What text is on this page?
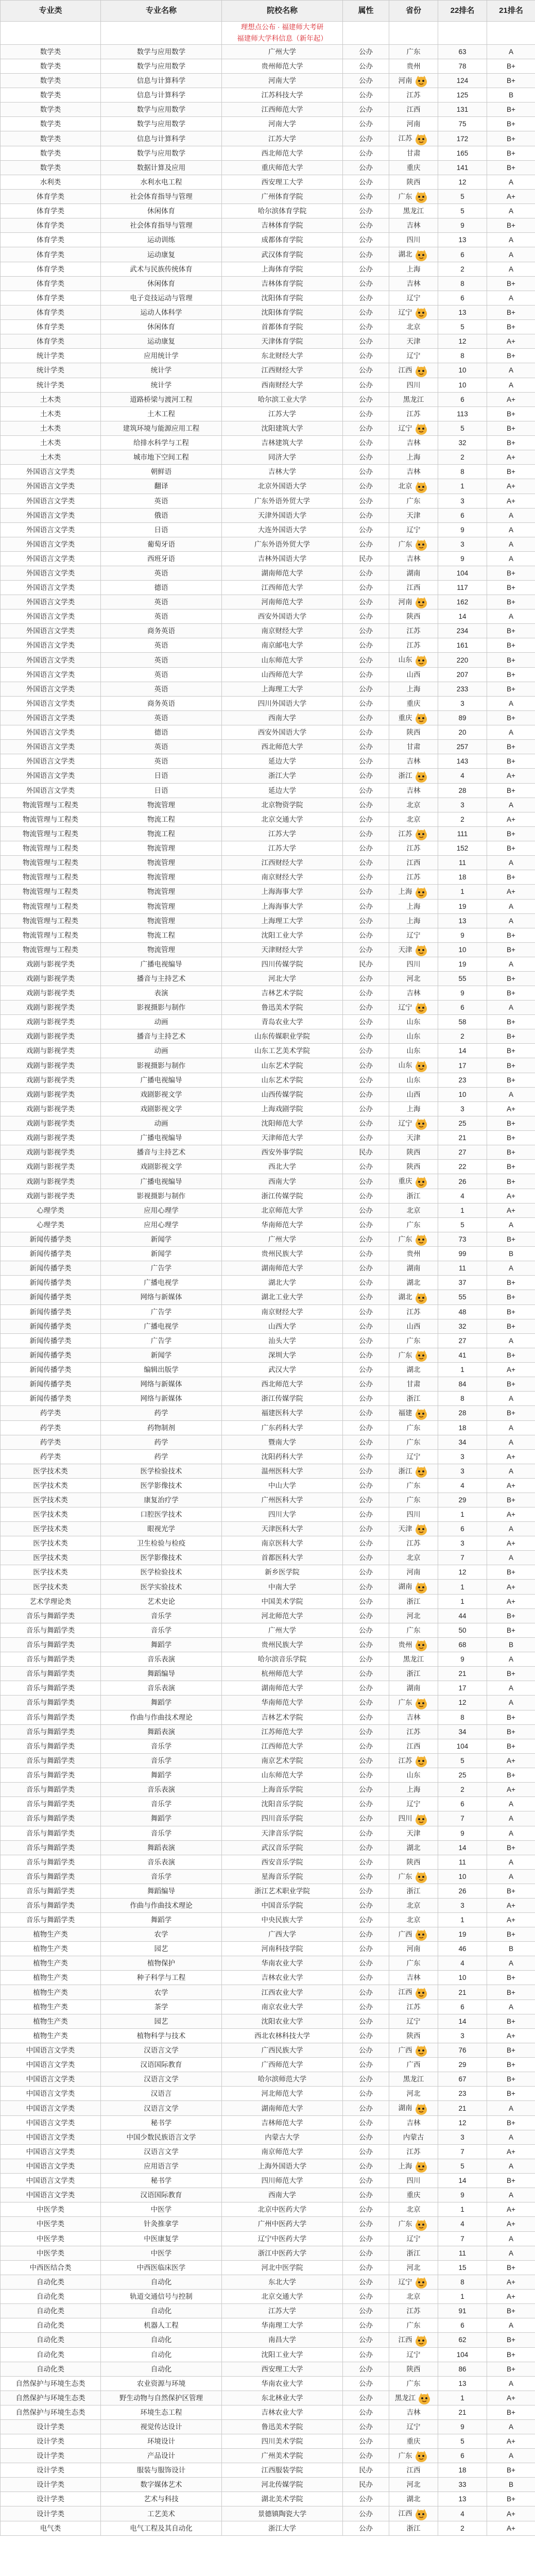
专业类	专业名称	院校名称	属性	省份	22排名	21排名

		理想点公布 · 福建师大考研
福建师大学科信息（新年起）				

数学类	数学与应用数学	广州大学	公办	广东	63	A
数学类	数学与应用数学	贵州师范大学	公办	贵州	78	B+
数学类	信息与计算科学	河南大学	公办	河南	124	B+
数学类	信息与计算科学	江苏科技大学	公办	江苏	125	B
数学类	数学与应用数学	江西师范大学	公办	江西	131	B+
数学类	数学与应用数学	河南大学	公办	河南	75	B+
数学类	信息与计算科学	江苏大学	公办	江苏	172	B+
数学类	数学与应用数学	西北师范大学	公办	甘肃	165	B+
数学类	数据计算及应用	重庆师范大学	公办	重庆	141	B+
水利类	水利水电工程	西安理工大学	公办	陕西	12	A
体育学类	社会体育指导与管理	广州体育学院	公办	广东	5	A+
体育学类	休闲体育	哈尔滨体育学院	公办	黑龙江	5	A
体育学类	社会体育指导与管理	吉林体育学院	公办	吉林	9	B+
体育学类	运动训练	成都体育学院	公办	四川	13	A
体育学类	运动康复	武汉体育学院	公办	湖北	6	A
体育学类	武术与民族传统体育	上海体育学院	公办	上海	2	A
体育学类	休闲体育	吉林体育学院	公办	吉林	8	B+
体育学类	电子竞技运动与管理	沈阳体育学院	公办	辽宁	6	A
体育学类	运动人体科学	沈阳体育学院	公办	辽宁	13	B+
体育学类	休闲体育	首都体育学院	公办	北京	5	B+
体育学类	运动康复	天津体育学院	公办	天津	12	A+
统计学类	应用统计学	东北财经大学	公办	辽宁	8	B+
统计学类	统计学	江西财经大学	公办	江西	10	A
统计学类	统计学	西南财经大学	公办	四川	10	A
土木类	道路桥梁与渡河工程	哈尔滨工业大学	公办	黑龙江	6	A+
土木类	土木工程	江苏大学	公办	江苏	113	B+
土木类	建筑环境与能源应用工程	沈阳建筑大学	公办	辽宁	5	B+
土木类	给排水科学与工程	吉林建筑大学	公办	吉林	32	B+
土木类	城市地下空间工程	同济大学	公办	上海	2	A+
外国语言文学类	朝鲜语	吉林大学	公办	吉林	8	B+
外国语言文学类	翻译	北京外国语大学	公办	北京	1	A+
外国语言文学类	英语	广东外语外贸大学	公办	广东	3	A+
外国语言文学类	俄语	天津外国语大学	公办	天津	6	A
外国语言文学类	日语	大连外国语大学	公办	辽宁	9	A
外国语言文学类	葡萄牙语	广东外语外贸大学	公办	广东	3	A
外国语言文学类	西班牙语	吉林外国语大学	民办	吉林	9	A
外国语言文学类	英语	湖南师范大学	公办	湖南	104	B+
外国语言文学类	德语	江西师范大学	公办	江西	117	B+
外国语言文学类	英语	河南师范大学	公办	河南	162	B+
外国语言文学类	英语	西安外国语大学	公办	陕西	14	A
外国语言文学类	商务英语	南京财经大学	公办	江苏	234	B+
外国语言文学类	英语	南京邮电大学	公办	江苏	161	B+
外国语言文学类	英语	山东师范大学	公办	山东	220	B+
外国语言文学类	英语	山西师范大学	公办	山西	207	B+
外国语言文学类	英语	上海理工大学	公办	上海	233	B+
外国语言文学类	商务英语	四川外国语大学	公办	重庆	3	A
外国语言文学类	英语	西南大学	公办	重庆	89	B+
外国语言文学类	德语	西安外国语大学	公办	陕西	20	A
外国语言文学类	英语	西北师范大学	公办	甘肃	257	B+
外国语言文学类	英语	延边大学	公办	吉林	143	B+
外国语言文学类	日语	浙江大学	公办	浙江	4	A+
外国语言文学类	日语	延边大学	公办	吉林	28	B+
物流管理与工程类	物流管理	北京物资学院	公办	北京	3	A
物流管理与工程类	物流工程	北京交通大学	公办	北京	2	A+
物流管理与工程类	物流工程	江苏大学	公办	江苏	111	B+
物流管理与工程类	物流管理	江苏大学	公办	江苏	152	B+
物流管理与工程类	物流管理	江西财经大学	公办	江西	11	A
物流管理与工程类	物流管理	南京财经大学	公办	江苏	18	B+
物流管理与工程类	物流管理	上海海事大学	公办	上海	1	A+
物流管理与工程类	物流管理	上海海事大学	公办	上海	19	A
物流管理与工程类	物流管理	上海理工大学	公办	上海	13	A
物流管理与工程类	物流工程	沈阳工业大学	公办	辽宁	9	B+
物流管理与工程类	物流管理	天津财经大学	公办	天津	10	B+
戏剧与影视学类	广播电视编导	四川传媒学院	民办	四川	19	A
戏剧与影视学类	播音与主持艺术	河北大学	公办	河北	55	B+
戏剧与影视学类	表演	吉林艺术学院	公办	吉林	9	B+
戏剧与影视学类	影视摄影与制作	鲁迅美术学院	公办	辽宁	6	A
戏剧与影视学类	动画	青岛农业大学	公办	山东	58	B+
戏剧与影视学类	播音与主持艺术	山东传媒职业学院	公办	山东	2	B+
戏剧与影视学类	动画	山东工艺美术学院	公办	山东	14	B+
戏剧与影视学类	影视摄影与制作	山东艺术学院	公办	山东	17	B+
戏剧与影视学类	广播电视编导	山东艺术学院	公办	山东	23	B+
戏剧与影视学类	戏剧影视文学	山西传媒学院	公办	山西	10	A
戏剧与影视学类	戏剧影视文学	上海戏剧学院	公办	上海	3	A+
戏剧与影视学类	动画	沈阳师范大学	公办	辽宁	25	B+
戏剧与影视学类	广播电视编导	天津师范大学	公办	天津	21	B+
戏剧与影视学类	播音与主持艺术	西安外事学院	民办	陕西	27	B+
戏剧与影视学类	戏剧影视文学	西北大学	公办	陕西	22	B+
戏剧与影视学类	广播电视编导	西南大学	公办	重庆	26	B+
戏剧与影视学类	影视摄影与制作	浙江传媒学院	公办	浙江	4	A+
心理学类	应用心理学	北京师范大学	公办	北京	1	A+
心理学类	应用心理学	华南师范大学	公办	广东	5	A
新闻传播学类	新闻学	广州大学	公办	广东	73	B+
新闻传播学类	新闻学	贵州民族大学	公办	贵州	99	B
新闻传播学类	广告学	湖南师范大学	公办	湖南	11	A
新闻传播学类	广播电视学	湖北大学	公办	湖北	37	B+
新闻传播学类	网络与新媒体	湖北工业大学	公办	湖北	55	B+
新闻传播学类	广告学	南京财经大学	公办	江苏	48	B+
新闻传播学类	广播电视学	山西大学	公办	山西	32	B+
新闻传播学类	广告学	汕头大学	公办	广东	27	A
新闻传播学类	新闻学	深圳大学	公办	广东	41	B+
新闻传播学类	编辑出版学	武汉大学	公办	湖北	1	A+
新闻传播学类	网络与新媒体	西北师范大学	公办	甘肃	84	B+
新闻传播学类	网络与新媒体	浙江传媒学院	公办	浙江	8	A
药学类	药学	福建医科大学	公办	福建	28	B+
药学类	药物制剂	广东药科大学	公办	广东	18	A
药学类	药学	暨南大学	公办	广东	34	A
药学类	药学	沈阳药科大学	公办	辽宁	3	A+
医学技术类	医学检验技术	温州医科大学	公办	浙江	3	A
医学技术类	医学影像技术	中山大学	公办	广东	4	A+
医学技术类	康复治疗学	广州医科大学	公办	广东	29	B+
医学技术类	口腔医学技术	四川大学	公办	四川	1	A+
医学技术类	眼视光学	天津医科大学	公办	天津	6	A
医学技术类	卫生检验与检疫	南京医科大学	公办	江苏	3	A+
医学技术类	医学影像技术	首都医科大学	公办	北京	7	A
医学技术类	医学检验技术	新乡医学院	公办	河南	12	B+
医学技术类	医学实验技术	中南大学	公办	湖南	1	A+
艺术学理论类	艺术史论	中国美术学院	公办	浙江	1	A+
音乐与舞蹈学类	音乐学	河北师范大学	公办	河北	44	B+
音乐与舞蹈学类	音乐学	广州大学	公办	广东	50	B+
音乐与舞蹈学类	舞蹈学	贵州民族大学	公办	贵州	68	B
音乐与舞蹈学类	音乐表演	哈尔滨音乐学院	公办	黑龙江	9	A
音乐与舞蹈学类	舞蹈编导	杭州师范大学	公办	浙江	21	B+
音乐与舞蹈学类	音乐表演	湖南师范大学	公办	湖南	17	A
音乐与舞蹈学类	舞蹈学	华南师范大学	公办	广东	12	A
音乐与舞蹈学类	作曲与作曲技术理论	吉林艺术学院	公办	吉林	8	B+
音乐与舞蹈学类	舞蹈表演	江苏师范大学	公办	江苏	34	B+
音乐与舞蹈学类	音乐学	江西师范大学	公办	江西	104	B+
音乐与舞蹈学类	音乐学	南京艺术学院	公办	江苏	5	A+
音乐与舞蹈学类	舞蹈学	山东师范大学	公办	山东	25	B+
音乐与舞蹈学类	音乐表演	上海音乐学院	公办	上海	2	A+
音乐与舞蹈学类	音乐学	沈阳音乐学院	公办	辽宁	6	A
音乐与舞蹈学类	舞蹈学	四川音乐学院	公办	四川	7	A
音乐与舞蹈学类	音乐学	天津音乐学院	公办	天津	9	A
音乐与舞蹈学类	舞蹈表演	武汉音乐学院	公办	湖北	14	B+
音乐与舞蹈学类	音乐表演	西安音乐学院	公办	陕西	11	A
音乐与舞蹈学类	音乐学	星海音乐学院	公办	广东	10	A
音乐与舞蹈学类	舞蹈编导	浙江艺术职业学院	公办	浙江	26	B+
音乐与舞蹈学类	作曲与作曲技术理论	中国音乐学院	公办	北京	3	A+
音乐与舞蹈学类	舞蹈学	中央民族大学	公办	北京	1	A+
植物生产类	农学	广西大学	公办	广西	19	B+
植物生产类	园艺	河南科技学院	公办	河南	46	B
植物生产类	植物保护	华南农业大学	公办	广东	4	A
植物生产类	种子科学与工程	吉林农业大学	公办	吉林	10	B+
植物生产类	农学	江西农业大学	公办	江西	21	B+
植物生产类	茶学	南京农业大学	公办	江苏	6	A
植物生产类	园艺	沈阳农业大学	公办	辽宁	14	B+
植物生产类	植物科学与技术	西北农林科技大学	公办	陕西	3	A+
中国语言文学类	汉语言文学	广西民族大学	公办	广西	76	B+
中国语言文学类	汉语国际教育	广西师范大学	公办	广西	29	B+
中国语言文学类	汉语言文学	哈尔滨师范大学	公办	黑龙江	67	B+
中国语言文学类	汉语言	河北师范大学	公办	河北	23	B+
中国语言文学类	汉语言文学	湖南师范大学	公办	湖南	21	A
中国语言文学类	秘书学	吉林师范大学	公办	吉林	12	B+
中国语言文学类	中国少数民族语言文学	内蒙古大学	公办	内蒙古	3	A
中国语言文学类	汉语言文学	南京师范大学	公办	江苏	7	A+
中国语言文学类	应用语言学	上海外国语大学	公办	上海	5	A
中国语言文学类	秘书学	四川师范大学	公办	四川	14	B+
中国语言文学类	汉语国际教育	西南大学	公办	重庆	9	A
中医学类	中医学	北京中医药大学	公办	北京	1	A+
中医学类	针灸推拿学	广州中医药大学	公办	广东	4	A+
中医学类	中医康复学	辽宁中医药大学	公办	辽宁	7	A
中医学类	中医学	浙江中医药大学	公办	浙江	11	A
中西医结合类	中西医临床医学	河北中医学院	公办	河北	15	B+
自动化类	自动化	东北大学	公办	辽宁	8	A+
自动化类	轨道交通信号与控制	北京交通大学	公办	北京	1	A+
自动化类	自动化	江苏大学	公办	江苏	91	B+
自动化类	机器人工程	华南理工大学	公办	广东	6	A
自动化类	自动化	南昌大学	公办	江西	62	B+
自动化类	自动化	沈阳工业大学	公办	辽宁	104	B+
自动化类	自动化	西安理工大学	公办	陕西	86	B+
自然保护与环境生态类	农业资源与环境	华南农业大学	公办	广东	13	A
自然保护与环境生态类	野生动物与自然保护区管理	东北林业大学	公办	黑龙江	1	A+
自然保护与环境生态类	环境生态工程	吉林农业大学	公办	吉林	21	B+
设计学类	视觉传达设计	鲁迅美术学院	公办	辽宁	9	A
设计学类	环境设计	四川美术学院	公办	重庆	5	A+
设计学类	产品设计	广州美术学院	公办	广东	6	A
设计学类	服装与服饰设计	江西服装学院	民办	江西	18	B+
设计学类	数字媒体艺术	河北传媒学院	民办	河北	33	B
设计学类	艺术与科技	湖北美术学院	公办	湖北	13	B+
设计学类	工艺美术	景德镇陶瓷大学	公办	江西	4	A+
电气类	电气工程及其自动化	浙江大学	公办	浙江	2	A+
